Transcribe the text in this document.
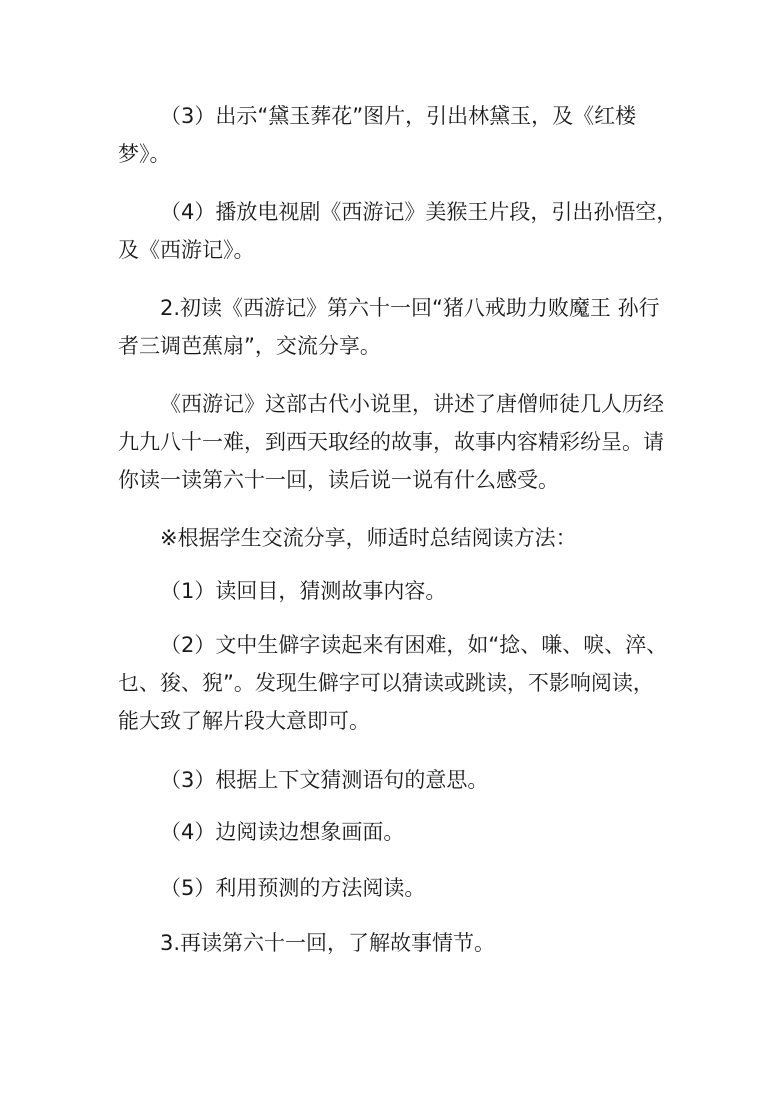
（3）出示“黛玉葬花”图片，引出林黛玉，及《红楼
梦》。

（4）播放电视剧《西游记》美猴王片段，引出孙悟空，
及《西游记》。

2.初读《西游记》第六十一回“猪八戒助力败魔王 孙行
者三调芭蕉扇”，交流分享。

《西游记》这部古代小说里，讲述了唐僧师徒几人历经
九九八十一难，到西天取经的故事，故事内容精彩纷呈。请
你读一读第六十一回，读后说一说有什么感受。

※根据学生交流分享，师适时总结阅读方法：

（1）读回目，猜测故事内容。

（2）文中生僻字读起来有困难，如“捻、嗛、唳、淬、
乜、狻、猊”。发现生僻字可以猜读或跳读，不影响阅读，
能大致了解片段大意即可。

（3）根据上下文猜测语句的意思。

（4）边阅读边想象画面。

（5）利用预测的方法阅读。

3.再读第六十一回，了解故事情节。
